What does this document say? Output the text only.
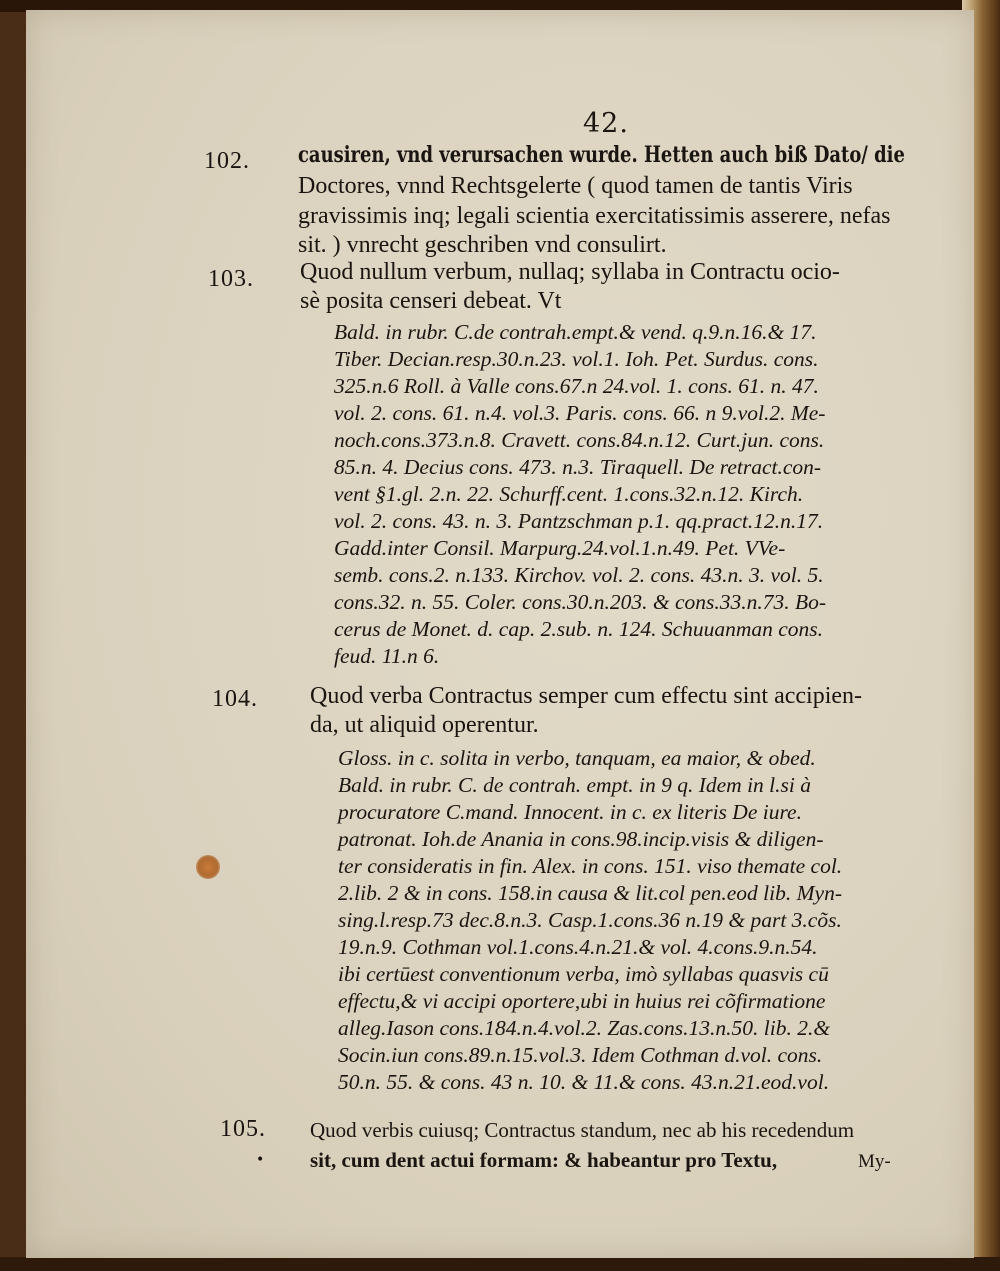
42.
102. causiren, vnd verursachen wurde. Hetten auch biß Dato/ die
Doctores, vnnd Rechtsgelerte ( quod tamen de tantis Viris
gravissimis inq; legali scientia exercitatissimis asserere, nefas
sit. ) vnrecht geschriben vnd consulirt.
103. Quod nullum verbum, nullaq; syllaba in Contractu ocio-
sè posita censeri debeat. Vt
Bald. in rubr. C.de contrah.empt.& vend. q.9.n.16.& 17.
Tiber. Decian.resp.30.n.23. vol.1. Ioh. Pet. Surdus. cons.
325.n.6 Roll. à Valle cons.67.n 24.vol. 1. cons. 61. n. 47.
vol. 2. cons. 61. n.4. vol.3. Paris. cons. 66. n 9.vol.2. Me-
noch.cons.373.n.8. Cravett. cons.84.n.12. Curt.jun. cons.
85.n. 4. Decius cons. 473. n.3. Tiraquell. De retract.con-
vent §1.gl. 2.n. 22. Schurff.cent. 1.cons.32.n.12. Kirch.
vol. 2. cons. 43. n. 3. Pantzschman p.1. qq.pract.12.n.17.
Gadd.inter Consil. Marpurg.24.vol.1.n.49. Pet. VVe-
semb. cons.2. n.133. Kirchov. vol. 2. cons. 43.n. 3. vol. 5.
cons.32. n. 55. Coler. cons.30.n.203. & cons.33.n.73. Bo-
cerus de Monet. d. cap. 2.sub. n. 124. Schuuanman cons.
feud. 11.n 6.
104. Quod verba Contractus semper cum effectu sint accipien-
da, ut aliquid operentur.
Gloss. in c. solita in verbo, tanquam, ea maior, & obed.
Bald. in rubr. C. de contrah. empt. in 9 q. Idem in l.si à
procuratore C.mand. Innocent. in c. ex literis De iure.
patronat. Ioh.de Anania in cons.98.incip.visis & diligen-
ter consideratis in fin. Alex. in cons. 151. viso themate col.
2.lib. 2 & in cons. 158.in causa & lit.col pen.eod lib. Myn-
sing.l.resp.73 dec.8.n.3. Casp.1.cons.36 n.19 & part 3.cõs.
19.n.9. Cothman vol.1.cons.4.n.21.& vol. 4.cons.9.n.54.
ibi certūest conventionum verba, imò syllabas quasvis cū
effectu,& vi accipi oportere,ubi in huius rei cõfirmatione
alleg.Iason cons.184.n.4.vol.2. Zas.cons.13.n.50. lib. 2.&
Socin.iun cons.89.n.15.vol.3. Idem Cothman d.vol. cons.
50.n. 55. & cons. 43 n. 10. & 11.& cons. 43.n.21.eod.vol.
105. Quod verbis cuiusq; Contractus standum, nec ab his recedendum
sit, cum dent actui formam: & habeantur pro Textu,	My-
•
